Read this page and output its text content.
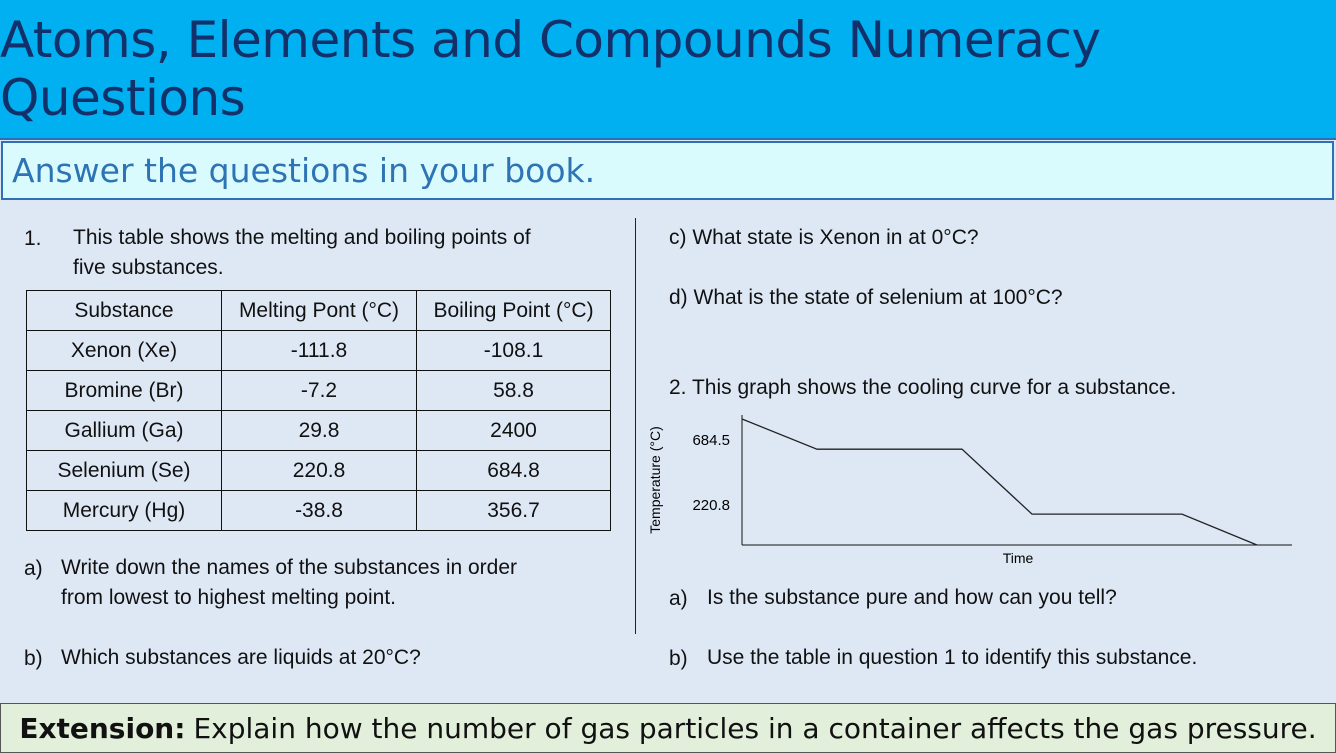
Atoms, Elements and Compounds Numeracy Questions
Answer the questions in your book.
1. This table shows the melting and boiling points of
five substances.
Substance	Melting Pont (°C)	Boiling Point (°C)
Xenon (Xe)	-111.8	-108.1
Bromine (Br)	-7.2	58.8
Gallium (Ga)	29.8	2400
Selenium (Se)	220.8	684.8
Mercury (Hg)	-38.8	356.7
a) Write down the names of the substances in order
from lowest to highest melting point.
b) Which substances are liquids at 20°C?
c) What state is Xenon in at 0°C?
d) What is the state of selenium at 100°C?
2. This graph shows the cooling curve for a substance.
Temperature (°C)
Time
684.5
220.8
a) Is the substance pure and how can you tell?
b) Use the table in question 1 to identify this substance.
Extension: Explain how the number of gas particles in a container affects the gas pressure.
